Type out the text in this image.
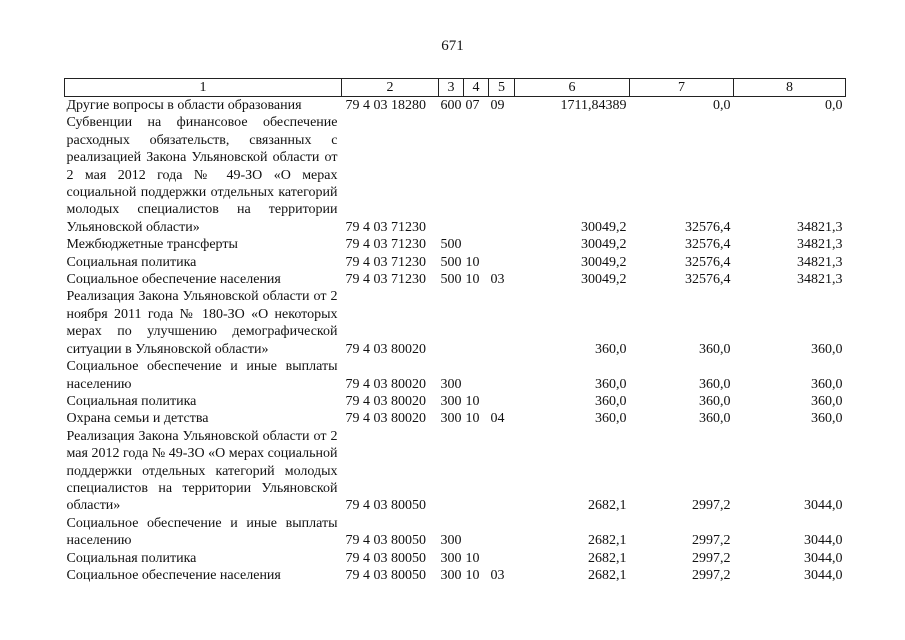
671
1	2	3	4	5	6	7	8
Другие вопросы в области образования	79 4 03 18280	600	07	09	1711,84389	0,0	0,0
Субвенции на финансовое обеспечение расходных обязательств, связанных с реализацией Закона Ульяновской области от 2 мая 2012 года № 49-ЗО «О мерах социальной поддержки отдельных категорий молодых специалистов на территории Ульяновской области»	79 4 03 71230				30049,2	32576,4	34821,3
Межбюджетные трансферты	79 4 03 71230	500			30049,2	32576,4	34821,3
Социальная политика	79 4 03 71230	500	10		30049,2	32576,4	34821,3
Социальное обеспечение населения	79 4 03 71230	500	10	03	30049,2	32576,4	34821,3
Реализация Закона Ульяновской области от 2 ноября 2011 года № 180-ЗО «О некоторых мерах по улучшению демографической ситуации в Ульяновской области»	79 4 03 80020				360,0	360,0	360,0
Социальное обеспечение и иные выплаты населению	79 4 03 80020	300			360,0	360,0	360,0
Социальная политика	79 4 03 80020	300	10		360,0	360,0	360,0
Охрана семьи и детства	79 4 03 80020	300	10	04	360,0	360,0	360,0
Реализация Закона Ульяновской области от 2 мая 2012 года № 49-ЗО «О мерах социальной поддержки отдельных категорий молодых специалистов на территории Ульяновской области»	79 4 03 80050				2682,1	2997,2	3044,0
Социальное обеспечение и иные выплаты населению	79 4 03 80050	300			2682,1	2997,2	3044,0
Социальная политика	79 4 03 80050	300	10		2682,1	2997,2	3044,0
Социальное обеспечение населения	79 4 03 80050	300	10	03	2682,1	2997,2	3044,0
